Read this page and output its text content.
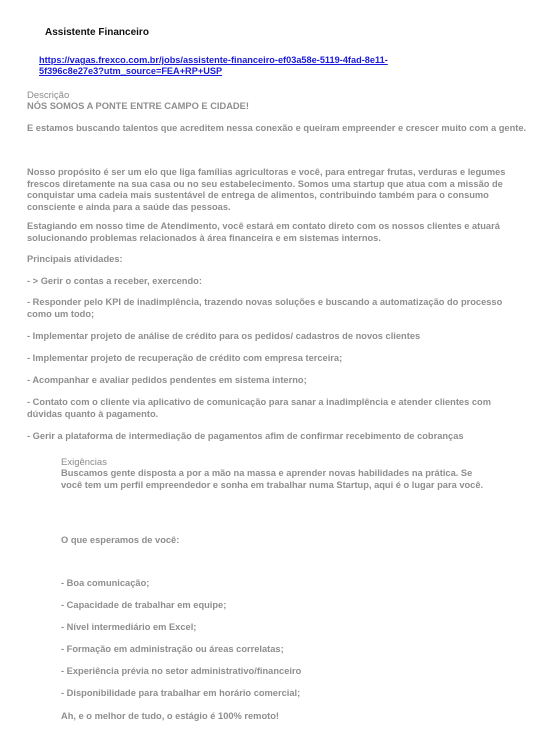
Assistente Financeiro
https://vagas.frexco.com.br/jobs/assistente-financeiro-ef03a58e-5119-4fad-8e11-
5f396c8e27e3?utm_source=FEA+RP+USP
Descrição
NÓS SOMOS A PONTE ENTRE CAMPO E CIDADE!

E estamos buscando talentos que acreditem nessa conexão e queiram empreender e crescer muito com a gente.

Nosso propósito é ser um elo que liga famílias agricultoras e você, para entregar frutas, verduras e legumes frescos diretamente na sua casa ou no seu estabelecimento. Somos uma startup que atua com a missão de conquistar uma cadeia mais sustentável de entrega de alimentos, contribuindo também para o consumo consciente e ainda para a saúde das pessoas.

Estagiando em nosso time de Atendimento, você estará em contato direto com os nossos clientes e atuará solucionando problemas relacionados à área financeira e em sistemas internos.

Principais atividades:

- > Gerir o contas a receber, exercendo:

- Responder pelo KPI de inadimplência, trazendo novas soluções e buscando a automatização do processo como um todo;

- Implementar projeto de análise de crédito para os pedidos/ cadastros de novos clientes

- Implementar projeto de recuperação de crédito com empresa terceira;

- Acompanhar e avaliar pedidos pendentes em sistema interno;

- Contato com o cliente via aplicativo de comunicação para sanar a inadimplência e atender clientes com dúvidas quanto à pagamento.

- Gerir a plataforma de intermediação de pagamentos afim de confirmar recebimento de cobranças

Exigências
Buscamos gente disposta a por a mão na massa e aprender novas habilidades na prática. Se você tem um perfil empreendedor e sonha em trabalhar numa Startup, aqui é o lugar para você.

O que esperamos de você:

- Boa comunicação;

- Capacidade de trabalhar em equipe;

- Nível intermediário em Excel;

- Formação em administração ou áreas correlatas;

- Experiência prévia no setor administrativo/financeiro

- Disponibilidade para trabalhar em horário comercial;

Ah, e o melhor de tudo, o estágio é 100% remoto!
